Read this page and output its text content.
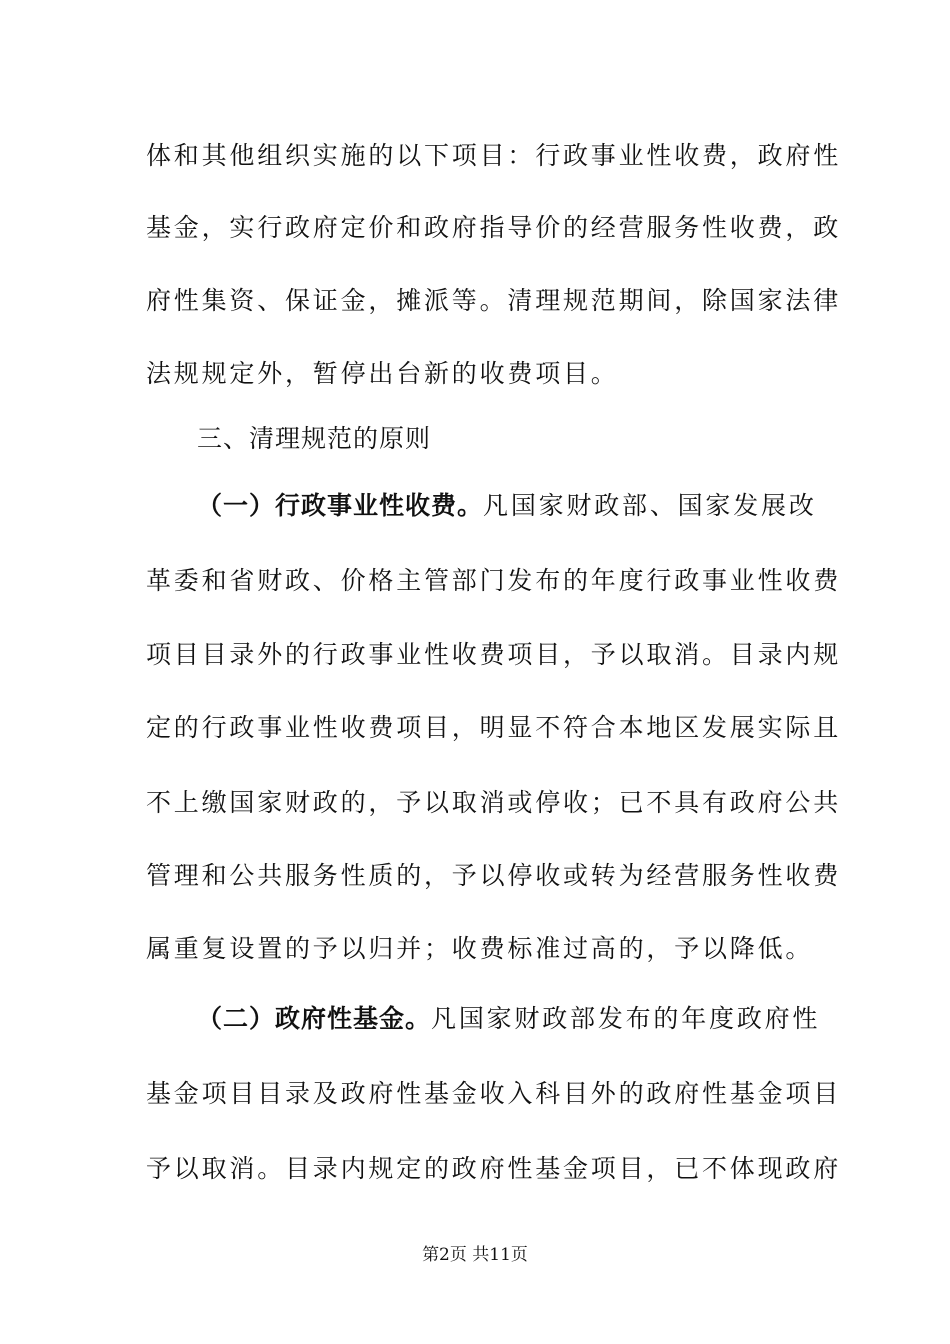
体和其他组织实施的以下项目：行政事业性收费，政府性
基金，实行政府定价和政府指导价的经营服务性收费，政
府性集资、保证金，摊派等。清理规范期间，除国家法律
法规规定外，暂停出台新的收费项目。
三、清理规范的原则
（一）行政事业性收费。凡国家财政部、国家发展改
革委和省财政、价格主管部门发布的年度行政事业性收费
项目目录外的行政事业性收费项目，予以取消。目录内规
定的行政事业性收费项目，明显不符合本地区发展实际且
不上缴国家财政的，予以取消或停收；已不具有政府公共
管理和公共服务性质的，予以停收或转为经营服务性收费
属重复设置的予以归并；收费标准过高的，予以降低。
（二）政府性基金。凡国家财政部发布的年度政府性
基金项目目录及政府性基金收入科目外的政府性基金项目
予以取消。目录内规定的政府性基金项目，已不体现政府
第2页 共11页
